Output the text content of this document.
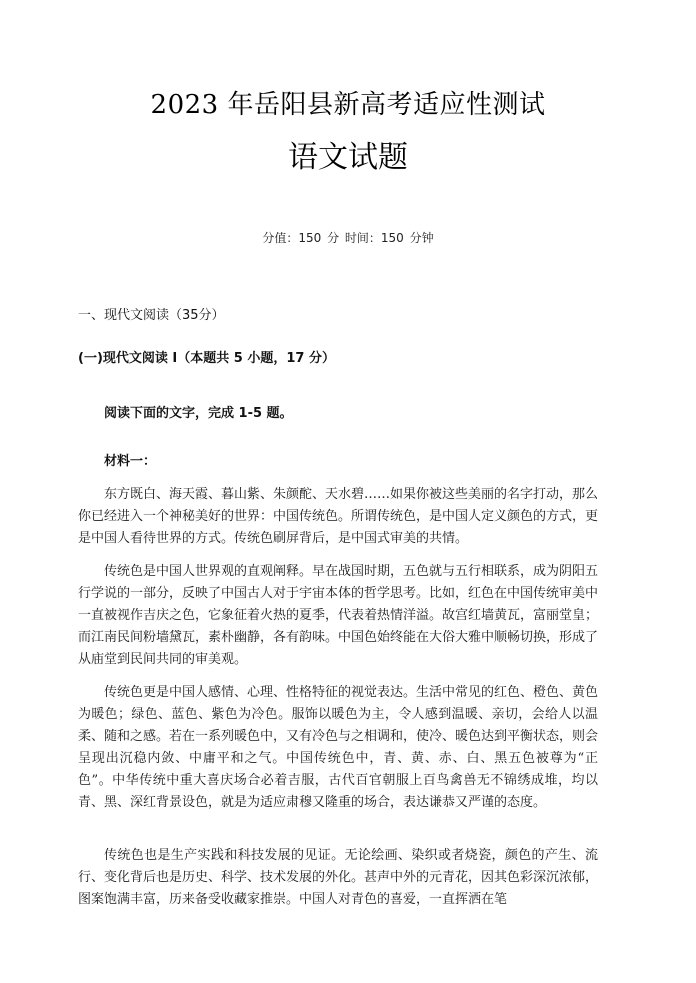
2023 年岳阳县新高考适应性测试
语文试题
分值：150 分 时间：150 分钟
一、现代文阅读（35分）
(一)现代文阅读 I（本题共 5 小题，17 分）
阅读下面的文字，完成 1-5 题。
材料一：
东方既白、海天霞、暮山紫、朱颜酡、天水碧……如果你被这些美丽的名字打动，那么你已经进入一个神秘美好的世界：中国传统色。所谓传统色，是中国人定义颜色的方式，更是中国人看待世界的方式。传统色刷屏背后，是中国式审美的共情。
传统色是中国人世界观的直观阐释。早在战国时期，五色就与五行相联系，成为阴阳五行学说的一部分，反映了中国古人对于宇宙本体的哲学思考。比如，红色在中国传统审美中一直被视作吉庆之色，它象征着火热的夏季，代表着热情洋溢。故宫红墙黄瓦，富丽堂皇；而江南民间粉墙黛瓦，素朴幽静，各有韵味。中国色始终能在大俗大雅中顺畅切换，形成了从庙堂到民间共同的审美观。
传统色更是中国人感情、心理、性格特征的视觉表达。生活中常见的红色、橙色、黄色为暖色；绿色、蓝色、紫色为冷色。服饰以暖色为主，令人感到温暖、亲切，会给人以温柔、随和之感。若在一系列暖色中，又有冷色与之相调和，使冷、暖色达到平衡状态，则会呈现出沉稳内敛、中庸平和之气。中国传统色中，青、黄、赤、白、黑五色被尊为“正色”。中华传统中重大喜庆场合必着吉服，古代百官朝服上百鸟禽兽无不锦绣成堆，均以青、黑、深红背景设色，就是为适应肃穆又隆重的场合，表达谦恭又严谨的态度。
传统色也是生产实践和科技发展的见证。无论绘画、染织或者烧瓷，颜色的产生、流行、变化背后也是历史、科学、技术发展的外化。甚声中外的元青花，因其色彩深沉浓郁，图案饱满丰富，历来备受收藏家推崇。中国人对青色的喜爱，一直挥洒在笔
